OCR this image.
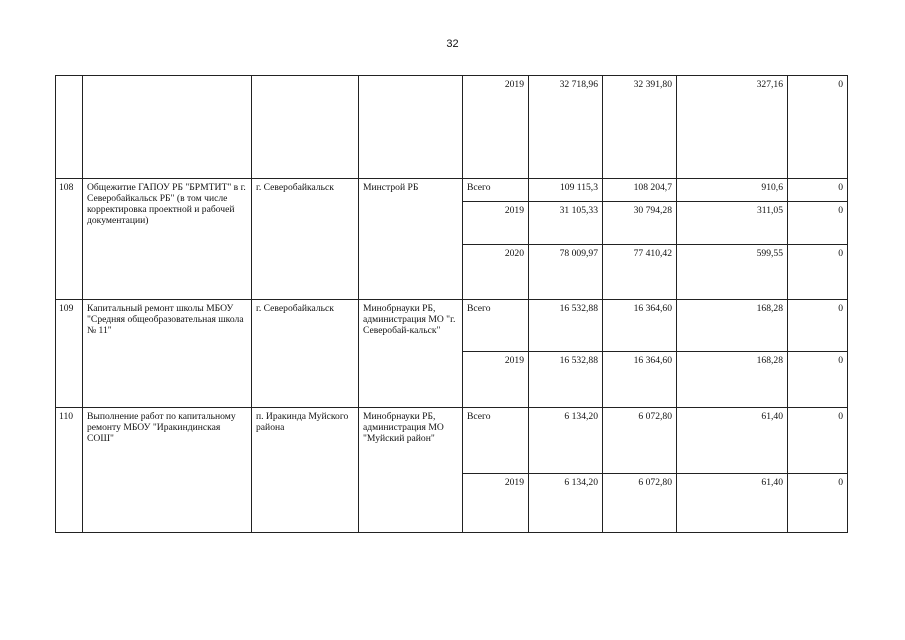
32
				2019	32 718,96	32 391,80	327,16	0
108	Общежитие ГАПОУ РБ "БРМТИТ" в г. Северобайкальск РБ" (в том числе корректировка проектной и рабочей документации)	г. Северобайкальск	Минстрой РБ	Всего	109 115,3	108 204,7	910,6	0
				2019	31 105,33	30 794,28	311,05	0
				2020	78 009,97	77 410,42	599,55	0
109	Капитальный ремонт школы МБОУ "Средняя общеобразовательная школа № 11"	г. Северобайкальск	Минобрнауки РБ, администрация МО "г. Северобай-кальск"	Всего	16 532,88	16 364,60	168,28	0
				2019	16 532,88	16 364,60	168,28	0
110	Выполнение работ по капитальному ремонту МБОУ "Иракиндинская СОШ"	п. Иракинда Муйского района	Минобрнауки РБ, администрация МО "Муйский район"	Всего	6 134,20	6 072,80	61,40	0
				2019	6 134,20	6 072,80	61,40	0
